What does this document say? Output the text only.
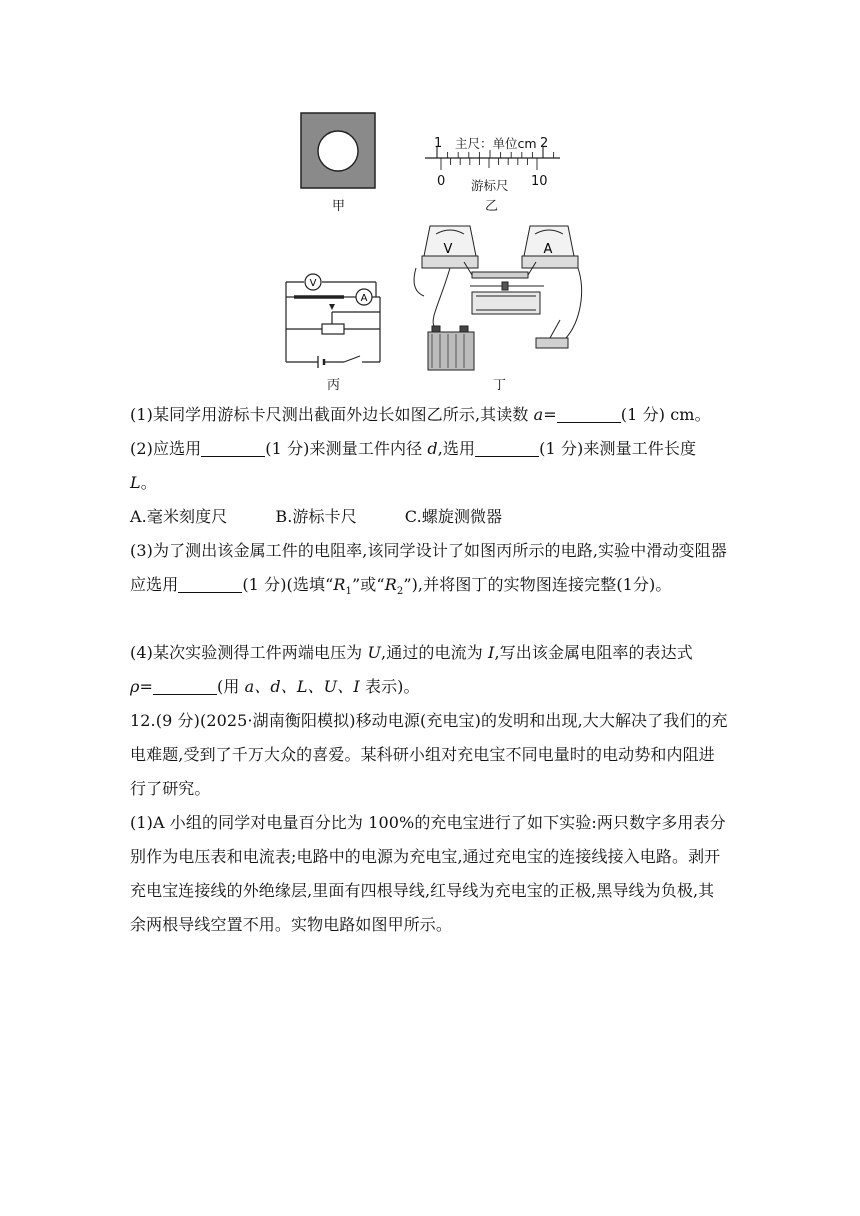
甲
1 主尺：单位cm 2
0 游标尺 10
乙
V
A
丙
V	A
丁
(1)某同学用游标卡尺测出截面外边长如图乙所示,其读数 a=	(1 分) cm。
(2)应选用	(1 分)来测量工件内径 d,选用	(1 分)来测量工件长度
L。
A.毫米刻度尺	B.游标卡尺	C.螺旋测微器
(3)为了测出该金属工件的电阻率,该同学设计了如图丙所示的电路,实验中滑动变阻器应选用	(1 分)(选填“$R_1$”或“$R_2$”),并将图丁的实物图连接完整(1分)。
(4)某次实验测得工件两端电压为 U,通过的电流为 I,写出该金属电阻率的表达式
ρ=	(用 a、d、L、U、I 表示)。
12.(9 分)(2025·湖南衡阳模拟)移动电源(充电宝)的发明和出现,大大解决了我们的充电难题,受到了千万大众的喜爱。某科研小组对充电宝不同电量时的电动势和内阻进行了研究。
(1)A 小组的同学对电量百分比为 100%的充电宝进行了如下实验:两只数字多用表分别作为电压表和电流表;电路中的电源为充电宝,通过充电宝的连接线接入电路。剥开充电宝连接线的外绝缘层,里面有四根导线,红导线为充电宝的正极,黑导线为负极,其余两根导线空置不用。实物电路如图甲所示。
